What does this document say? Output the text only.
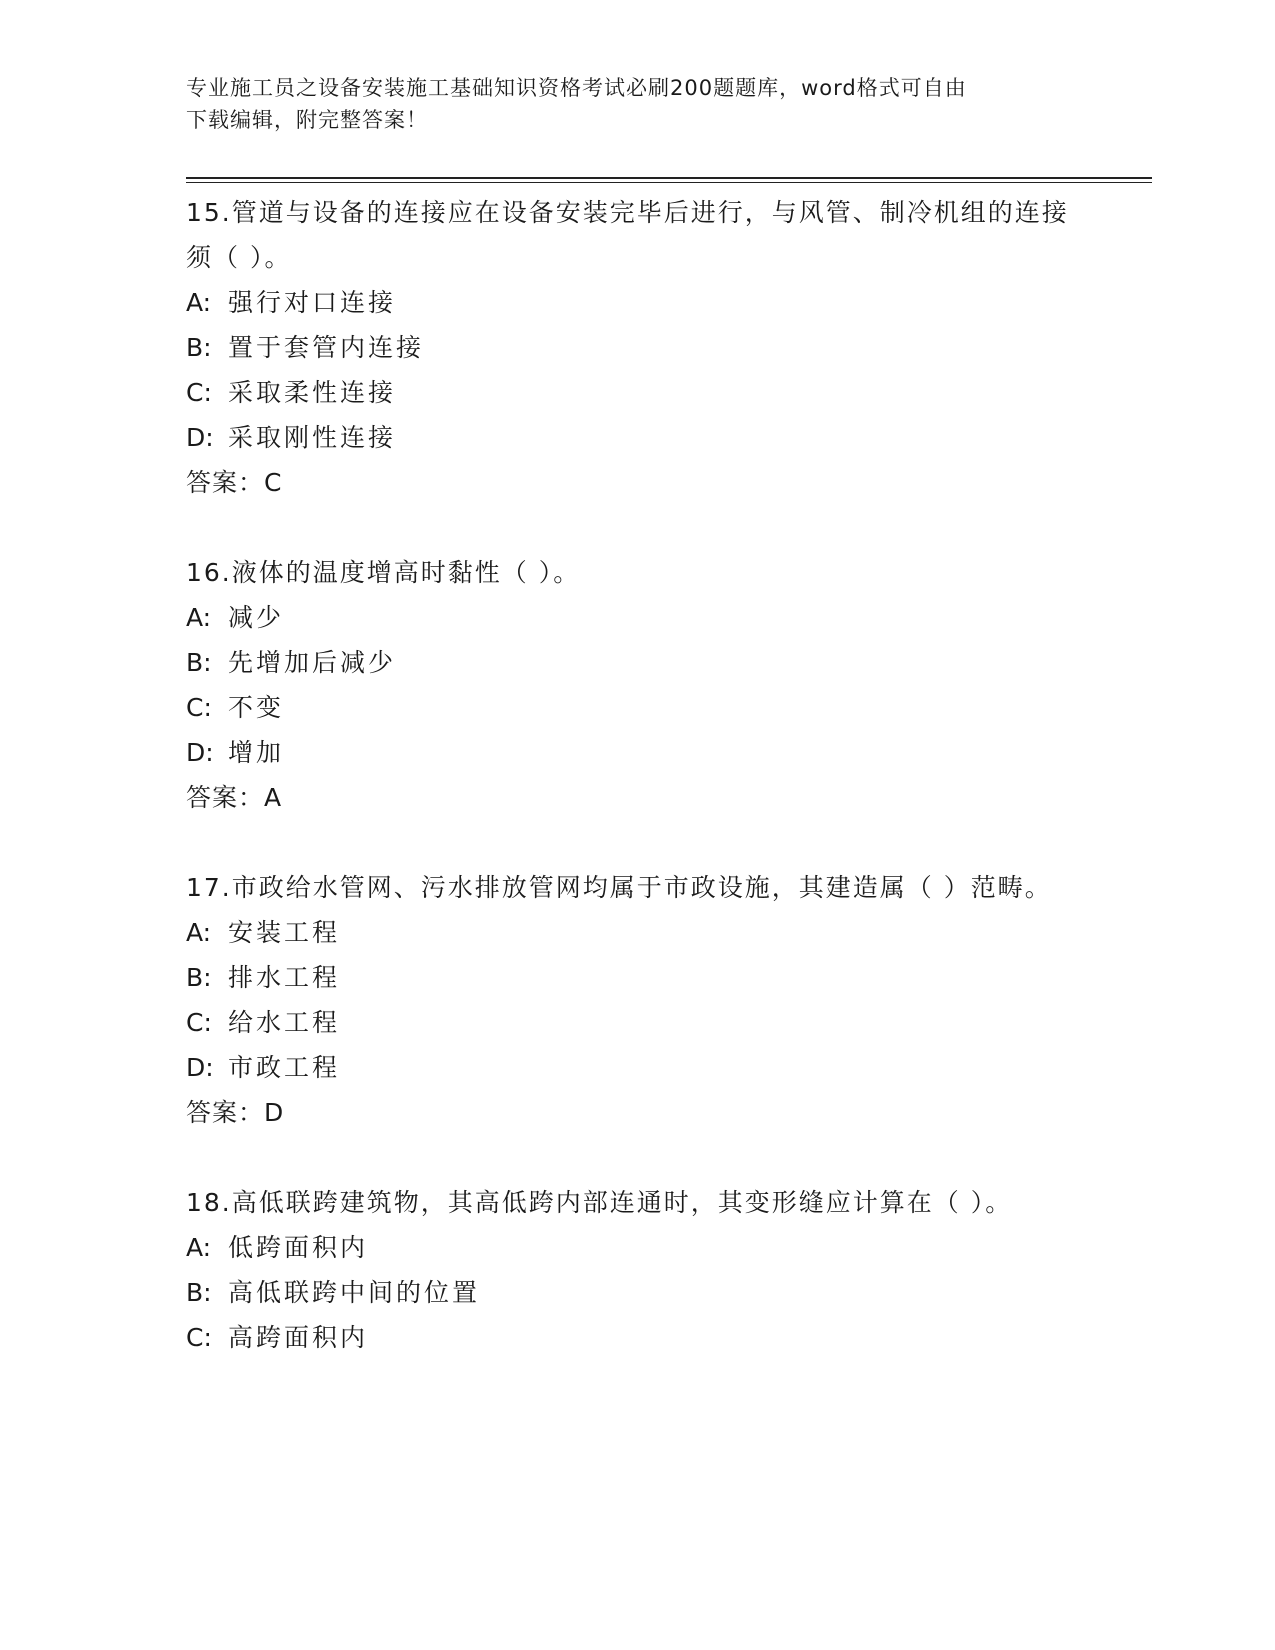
专业施工员之设备安装施工基础知识资格考试必刷200题题库，word格式可自由
下载编辑，附完整答案！
15.管道与设备的连接应在设备安装完毕后进行，与风管、制冷机组的连接须（ ）。
A: 强行对口连接
B: 置于套管内连接
C: 采取柔性连接
D: 采取刚性连接
答案：C
16.液体的温度增高时黏性（ ）。
A: 减少
B: 先增加后减少
C: 不变
D: 增加
答案：A
17.市政给水管网、污水排放管网均属于市政设施，其建造属（ ）范畴。
A: 安装工程
B: 排水工程
C: 给水工程
D: 市政工程
答案：D
18.高低联跨建筑物，其高低跨内部连通时，其变形缝应计算在（ ）。
A: 低跨面积内
B: 高低联跨中间的位置
C: 高跨面积内
